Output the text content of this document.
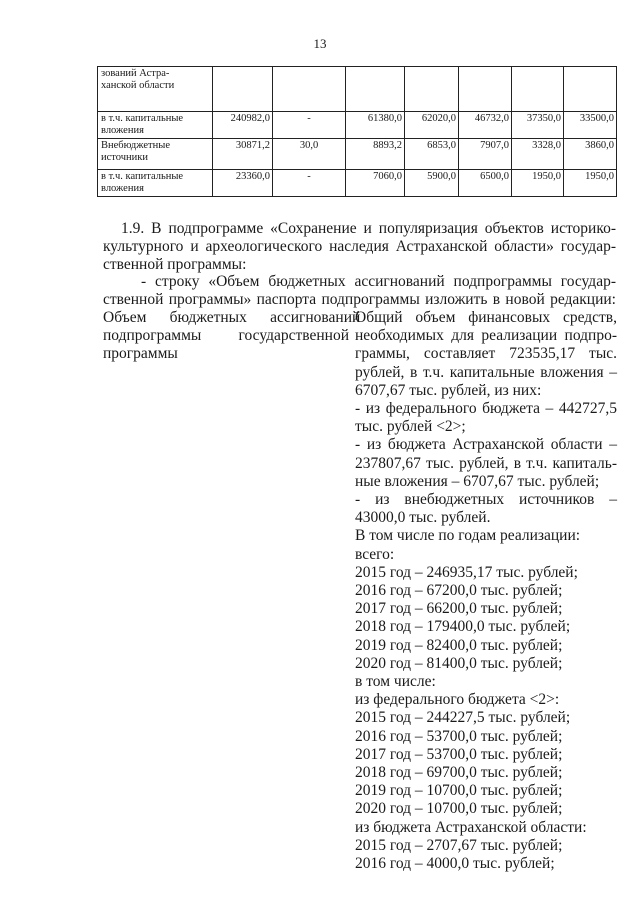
13
зований Астра-
ханской области							

в т.ч. капитальные
вложения	240982,0	-	61380,0	62020,0	46732,0	37350,0	33500,0

Внебюджетные
источники	30871,2	30,0	8893,2	6853,0	7907,0	3328,0	3860,0

в т.ч. капитальные
вложения	23360,0	-	7060,0	5900,0	6500,0	1950,0	1950,0
1.9. В подпрограмме «Сохранение и популяризация объектов историко-
культурного и археологического наследия Астраханской области» государ-
ственной программы:
- строку «Объем бюджетных ассигнований подпрограммы государ-
ственной программы» паспорта подпрограммы изложить в новой редакции:
Объем      бюджетных      ассигнований
подпрограммы         государственной
программы
Общий объем финансовых средств,
необходимых для реализации подпро-
граммы, составляет 723535,17 тыс.
рублей, в т.ч. капитальные вложения –
6707,67 тыс. рублей, из них:
- из федерального бюджета – 442727,5
тыс. рублей <2>;
- из бюджета Астраханской области –
237807,67 тыс. рублей, в т.ч. капиталь-
ные вложения – 6707,67 тыс. рублей;
-   из   внебюджетных   источников   –
43000,0 тыс. рублей.
В том числе по годам реализации:
всего:
2015 год – 246935,17 тыс. рублей;
2016 год – 67200,0 тыс. рублей;
2017 год – 66200,0 тыс. рублей;
2018 год – 179400,0 тыс. рублей;
2019 год – 82400,0 тыс. рублей;
2020 год – 81400,0 тыс. рублей;
в том числе:
из федерального бюджета <2>:
2015 год – 244227,5 тыс. рублей;
2016 год – 53700,0 тыс. рублей;
2017 год – 53700,0 тыс. рублей;
2018 год – 69700,0 тыс. рублей;
2019 год – 10700,0 тыс. рублей;
2020 год – 10700,0 тыс. рублей;
из бюджета Астраханской области:
2015 год – 2707,67 тыс. рублей;
2016 год – 4000,0 тыс. рублей;
